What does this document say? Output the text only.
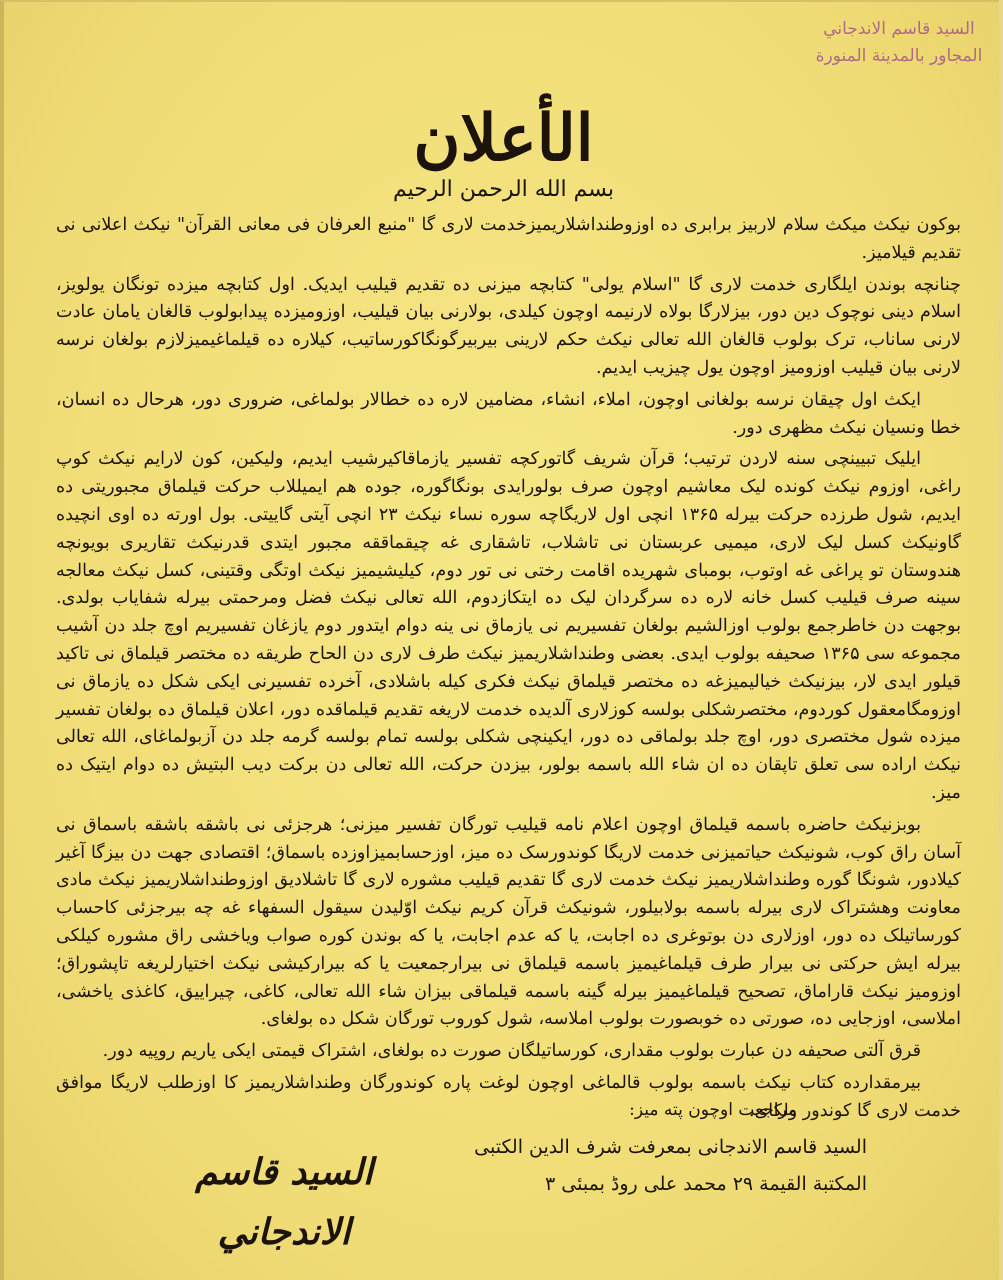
السيد قاسم الاندجاني
المجاور بالمدينة المنورة
الأعلان
بسم الله الرحمن الرحيم

بوکون نیکث میکث سلام لاربیز برابری ده اوزوطنداشلاریمیزخدمت لاری گا "منبع العرفان فی معانی القرآن" نیکث اعلانی نی تقدیم قیلامیز.

چنانچه بوندن ایلگاری خدمت لاری گا "اسلام یولی" کتابچه میزنی ده تقدیم قیلیب ایدیک. اول کتابچه میزده تونگان یولویز، اسلام دینی نوچوک دین دور، بیزلارگا بولاه لارنیمه اوچون کیلدی، بولارنی بیان قیلیب، اوزومیزده پیدابولوب قالغان یامان عادت لارنی ساناب، ترک بولوب قالغان الله تعالی نیکث حکم لارینی بیربیرگونگاکورساتیب، کیلاره ده قیلماغیمیزلازم بولغان نرسه لارنی بیان قیلیب اوزومیز اوچون یول چیزیب ایدیم.

ایکث اول چیقان نرسه بولغانی اوچون، املاء، انشاء، مضامین لاره ده خطالار بولماغی، ضروری دور، هرحال ده انسان، خطا ونسیان نیکث مظهری دور.

ایلیک تبیینچی سنه لاردن ترتیب؛ قرآن شریف گاتورکچه تفسیر یازماقاکیرشیب ایدیم، ولیکین، کون لارایم نیکث کوپ راغی، اوزوم نیکث کونده لیک معاشیم اوچون صرف بولورایدی بونگاگوره، جوده هم ایمیللاب حرکت قیلماق مجبوریتی ده ایدیم، شول طرزده حرکت بیرله ۱۳۶۵ انچی اول لاریگاچه سوره نساء نیکث ۲۳ انچی آیتی گاییتی. بول اورته ده اوی انچیده گاونیکث کسل لیک لاری، میمیی عربستان نی تاشلاب، تاشقاری غه چیقماققه مجبور ایتدی قدرنیکث تقاریری بویونچه هندوستان تو پراغی غه اوتوب، بومبای شهریده اقامت رختی نی تور دوم، کیلیشیمیز نیکث اوتگی وقتینی، کسل نیکث معالجه سینه صرف قیلیب کسل خانه لاره ده سرگردان لیک ده ایتکازدوم، الله تعالی نیکث فضل ومرحمتی بیرله شفایاب بولدی. بوجهت دن خاطرجمع بولوب اوزالشیم بولغان تفسیریم نی یازماق نی ینه دوام ایتدور دوم یازغان تفسیریم اوچ جلد دن آشیب مجموعه سی ۱۳۶۵ صحیفه بولوب ایدی. بعضی وطنداشلاریمیز نیکث طرف لاری دن الحاح طریقه ده مختصر قیلماق نی تاکید قیلور ایدی لار، بیزنیکث خیالیمیزغه ده مختصر قیلماق نیکث فکری کیله باشلادی، آخرده تفسیرنی ایکی شکل ده یازماق نی اوزومگامعقول کوردوم، مختصرشکلی بولسه کوزلاری آلدیده خدمت لاریغه تقدیم قیلماقده دور، اعلان قیلماق ده بولغان تفسیر میزده شول مختصری دور، اوچ جلد بولماقی ده دور، ایکینچی شکلی بولسه تمام بولسه گرمه جلد دن آزبولماغای، الله تعالی نیکث اراده سی تعلق تاپقان ده ان شاء الله باسمه بولور، بیزدن حرکت، الله تعالی دن برکت دیب البتیش ده دوام ایتیک ده میز.

بوبزنیکث حاضره باسمه قیلماق اوچون اعلام نامه قیلیب تورگان تفسیر میزنی؛ هرجزئی نی باشقه باشقه باسماق نی آسان راق کوب، شونیکث حیاتمیزنی خدمت لاریگا کوندورسک ده میز، اوزحسابمیزاوزده باسماق؛ اقتصادی جهت دن بیزگا آغیر کیلادور، شونگا گوره وطنداشلاریمیز نیکث خدمت لاری گا تقدیم قیلیب مشوره لاری گا تاشلادیق اوزوطنداشلاریمیز نیکث مادی معاونت وهشتراک لاری بیرله باسمه بولابیلور، شونیکث قرآن کریم نیکث اوّلیدن سیقول السفهاء غه چه بیرجزئی کاحساب کورساتیلک ده دور، اوزلاری دن بوتوغری ده اجابت، یا که عدم اجابت، یا که بوندن کوره صواب ویاخشی راق مشوره کیلکی بیرله ایش حرکتی نی بیرار طرف قیلماغیمیز باسمه قیلماق نی بیرارجمعیت یا که بیرارکیشی نیکث اختیارلریغه تاپشوراق؛ اوزومیز نیکث قاراماق، تصحیح قیلماغیمیز بیرله گینه باسمه قیلماقی بیزان شاء الله تعالی، کاغی، چیراییق، کاغذی یاخشی، املاسی، اوزجایی ده، صورتی ده خوبصورت بولوب املاسه، شول کوروب تورگان شکل ده بولغای.

قرق آلتی صحیفه دن عبارت بولوب مقداری، کورساتیلگان صورت ده بولغای، اشتراک قیمتی ایکی یاریم روپیه دور.

بیرمقدارده کتاب نیکث باسمه بولوب قالماغی اوچون لوغت پاره کوندورگان وطنداشلاریمیز کا اوزطلب لاریگا موافق خدمت لاری گا کوندور ولکای.

مراجعت اوچون پته میز:
السید قاسم الاندجانی بمعرفت شرف الدین الکتبی
المکتبة القیمة ۲۹ محمد علی روڈ بمبئی ۳
السيد قاسم الاندجاني
